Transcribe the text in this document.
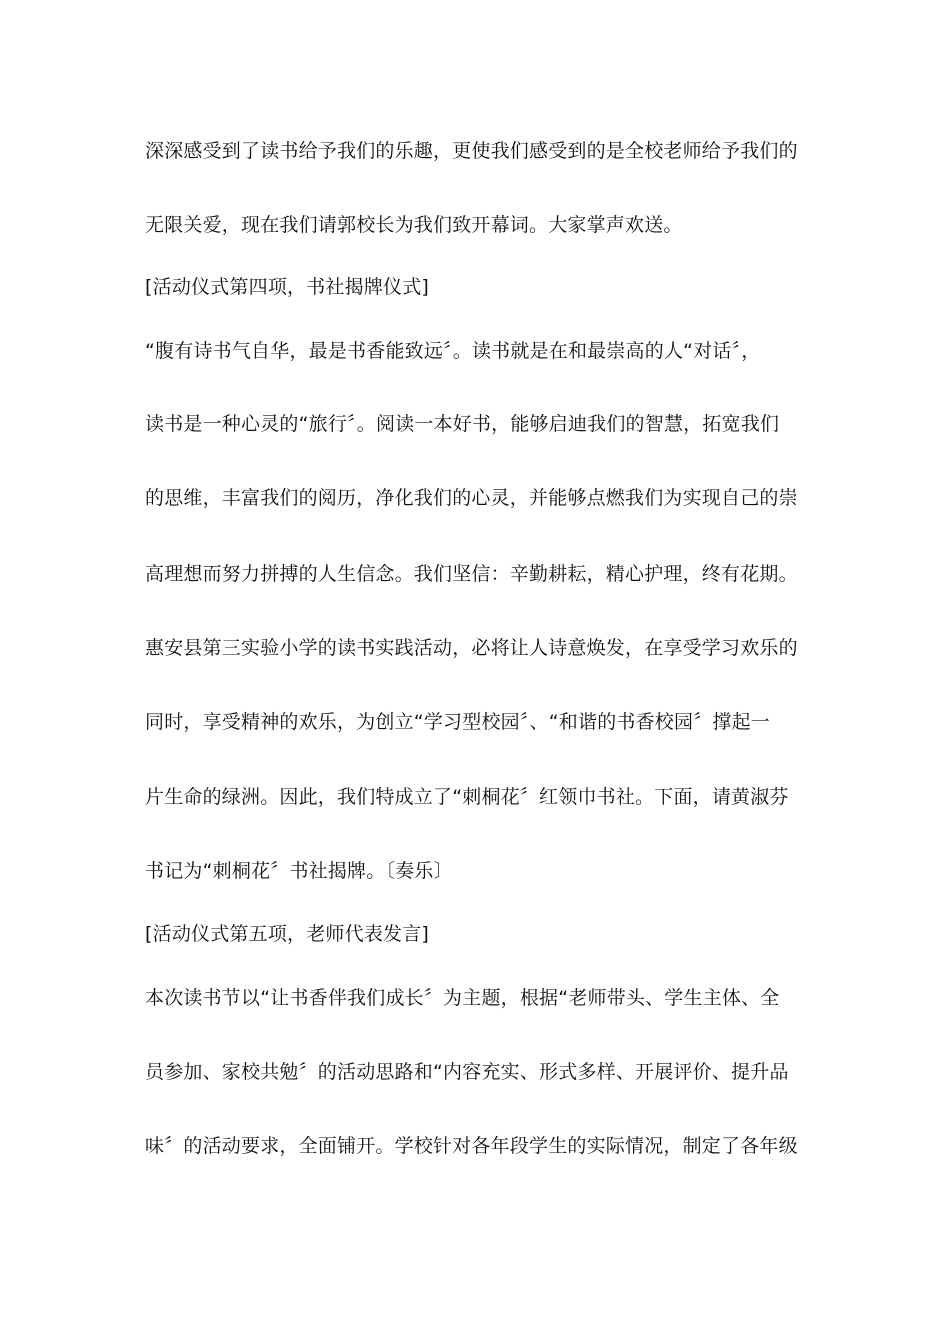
深深感受到了读书给予我们的乐趣，更使我们感受到的是全校老师给予我们的
无限关爱，现在我们请郭校长为我们致开幕词。大家掌声欢送。
[活动仪式第四项，书社揭牌仪式]
“腹有诗书气自华，最是书香能致远〞。读书就是在和最崇高的人“对话〞，
读书是一种心灵的“旅行〞。阅读一本好书，能够启迪我们的智慧，拓宽我们
的思维，丰富我们的阅历，净化我们的心灵，并能够点燃我们为实现自己的崇
高理想而努力拼搏的人生信念。我们坚信：辛勤耕耘，精心护理，终有花期。
惠安县第三实验小学的读书实践活动，必将让人诗意焕发，在享受学习欢乐的
同时，享受精神的欢乐，为创立“学习型校园〞、“和谐的书香校园〞撑起一
片生命的绿洲。因此，我们特成立了“刺桐花〞红领巾书社。下面，请黄淑芬
书记为“刺桐花〞书社揭牌。〔奏乐〕
[活动仪式第五项，老师代表发言]
本次读书节以“让书香伴我们成长〞为主题，根据“老师带头、学生主体、全
员参加、家校共勉〞的活动思路和“内容充实、形式多样、开展评价、提升品
味〞的活动要求，全面铺开。学校针对各年段学生的实际情况，制定了各年级
